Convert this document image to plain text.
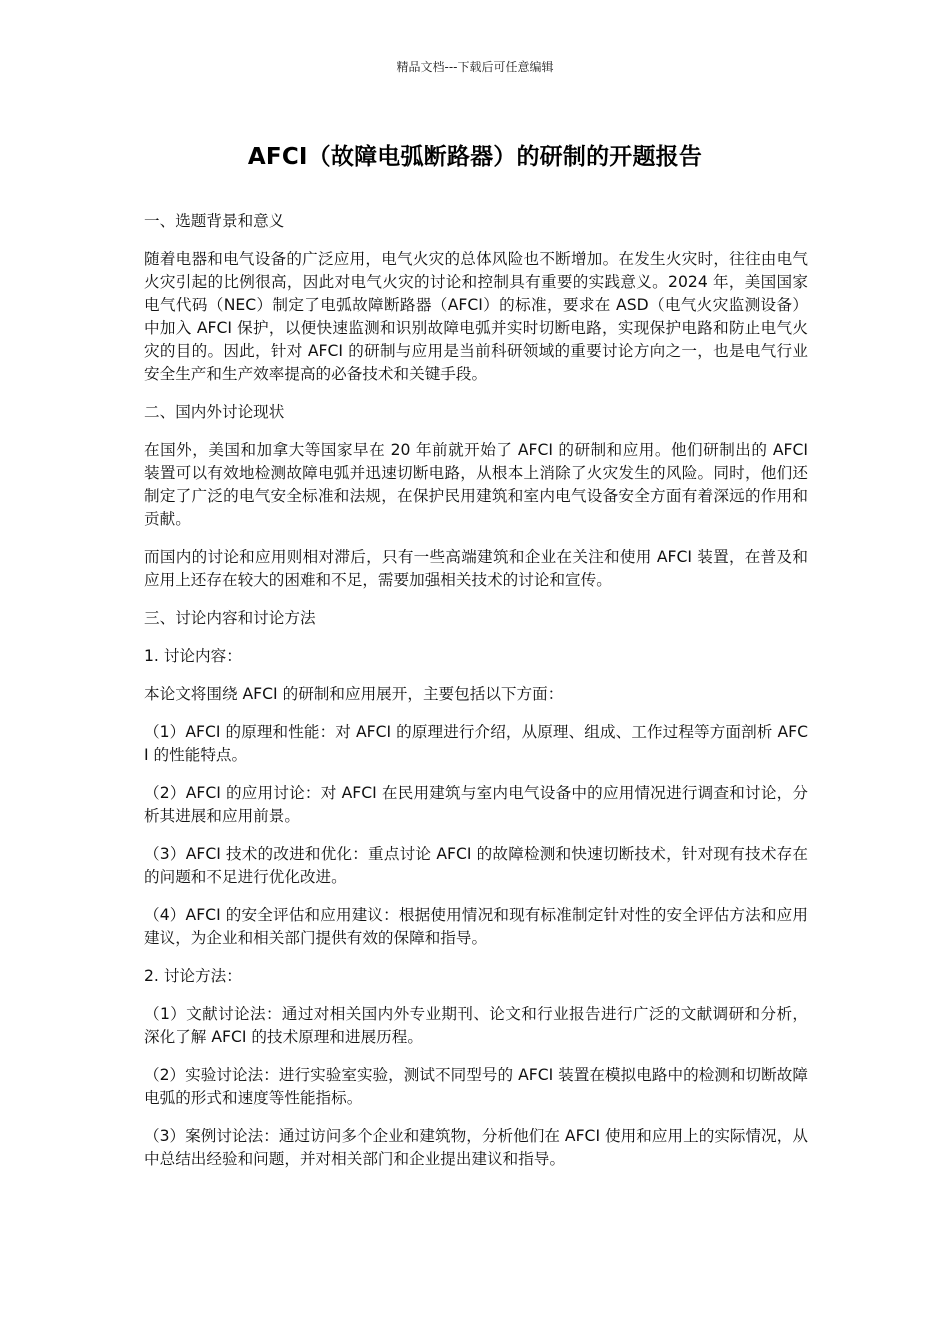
精品文档---下载后可任意编辑
AFCI（故障电弧断路器）的研制的开题报告

一、选题背景和意义

随着电器和电气设备的广泛应用，电气火灾的总体风险也不断增加。在发生火灾时，往往由电气火灾引起的比例很高，因此对电气火灾的讨论和控制具有重要的实践意义。2024 年，美国国家电气代码（NEC）制定了电弧故障断路器（AFCI）的标准，要求在 ASD（电气火灾监测设备）中加入 AFCI 保护，以便快速监测和识别故障电弧并实时切断电路，实现保护电路和防止电气火灾的目的。因此，针对 AFCI 的研制与应用是当前科研领域的重要讨论方向之一，也是电气行业安全生产和生产效率提高的必备技术和关键手段。

二、国内外讨论现状

在国外，美国和加拿大等国家早在 20 年前就开始了 AFCI 的研制和应用。他们研制出的 AFCI 装置可以有效地检测故障电弧并迅速切断电路，从根本上消除了火灾发生的风险。同时，他们还制定了广泛的电气安全标准和法规，在保护民用建筑和室内电气设备安全方面有着深远的作用和贡献。

而国内的讨论和应用则相对滞后，只有一些高端建筑和企业在关注和使用 AFCI 装置，在普及和应用上还存在较大的困难和不足，需要加强相关技术的讨论和宣传。

三、讨论内容和讨论方法

1. 讨论内容：

本论文将围绕 AFCI 的研制和应用展开，主要包括以下方面：

（1）AFCI 的原理和性能：对 AFCI 的原理进行介绍，从原理、组成、工作过程等方面剖析 AFCI 的性能特点。

（2）AFCI 的应用讨论：对 AFCI 在民用建筑与室内电气设备中的应用情况进行调查和讨论，分析其进展和应用前景。

（3）AFCI 技术的改进和优化：重点讨论 AFCI 的故障检测和快速切断技术，针对现有技术存在的问题和不足进行优化改进。

（4）AFCI 的安全评估和应用建议：根据使用情况和现有标准制定针对性的安全评估方法和应用建议，为企业和相关部门提供有效的保障和指导。

2. 讨论方法：

（1）文献讨论法：通过对相关国内外专业期刊、论文和行业报告进行广泛的文献调研和分析，深化了解 AFCI 的技术原理和进展历程。

（2）实验讨论法：进行实验室实验，测试不同型号的 AFCI 装置在模拟电路中的检测和切断故障电弧的形式和速度等性能指标。

（3）案例讨论法：通过访问多个企业和建筑物，分析他们在 AFCI 使用和应用上的实际情况，从中总结出经验和问题，并对相关部门和企业提出建议和指导。
